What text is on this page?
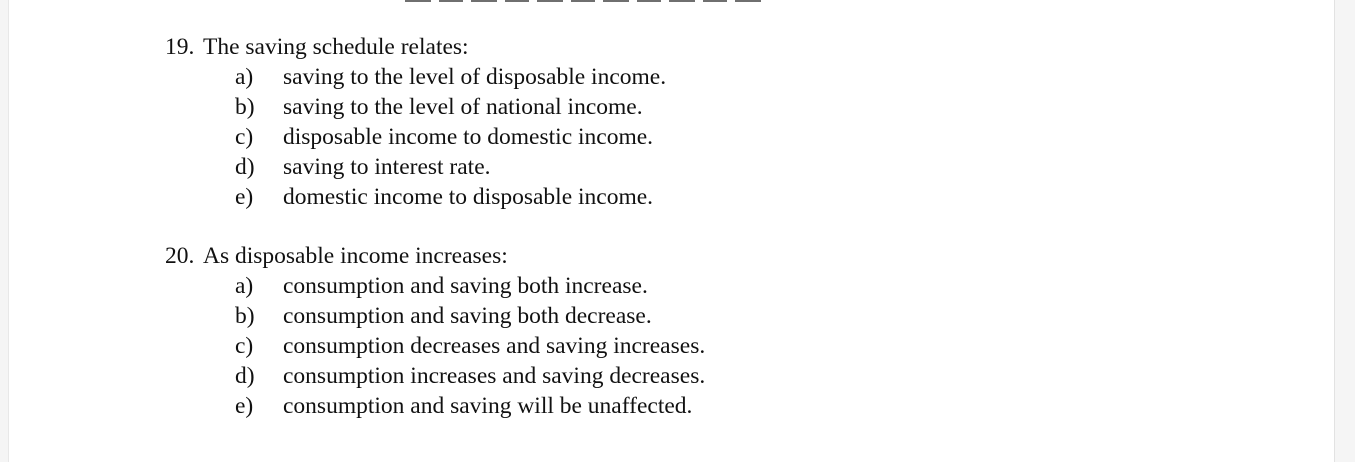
19. The saving schedule relates:
a)	saving to the level of disposable income.
b)	saving to the level of national income.
c)	disposable income to domestic income.
d)	saving to interest rate.
e)	domestic income to disposable income.
20. As disposable income increases:
a)	consumption and saving both increase.
b)	consumption and saving both decrease.
c)	consumption decreases and saving increases.
d)	consumption increases and saving decreases.
e)	consumption and saving will be unaffected.
